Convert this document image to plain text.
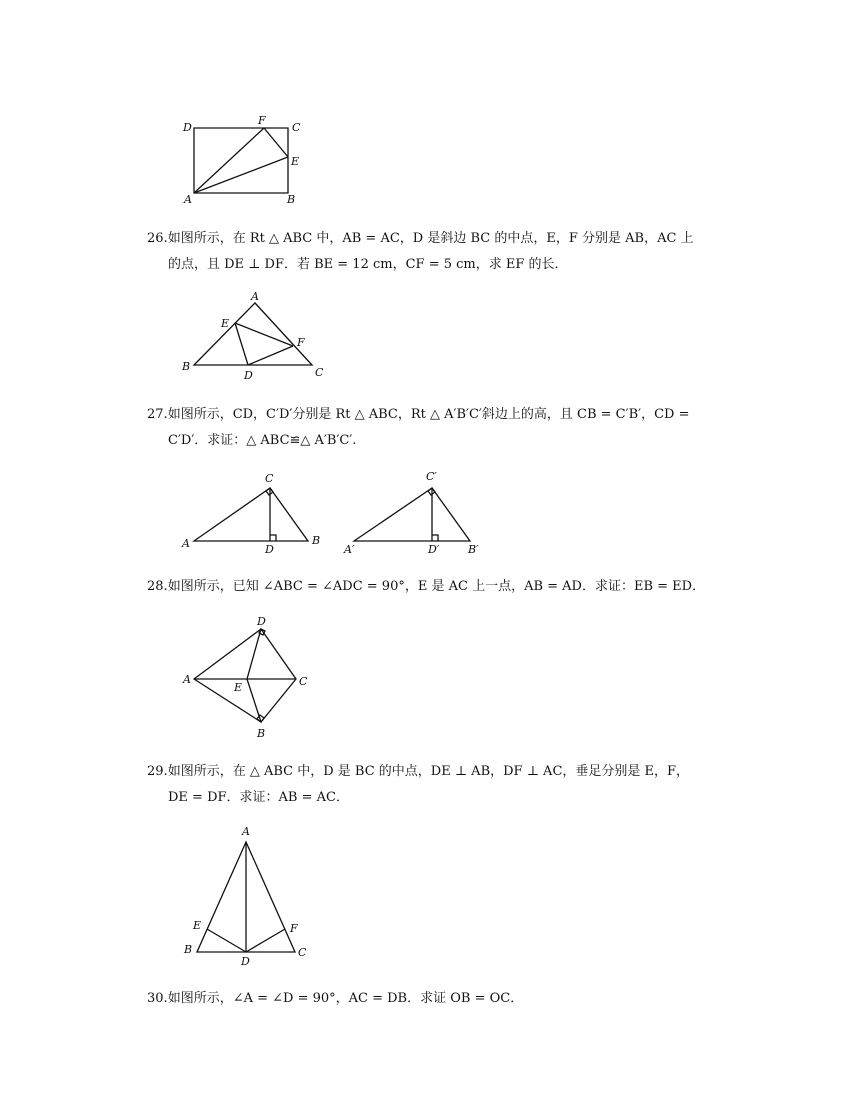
D
F
C
E
A	B
26.如图所示，在 Rt △ ABC 中，AB = AC，D 是斜边 BC 的中点，E，F 分别是 AB，AC 上
的点，且 DE ⊥ DF．若 BE = 12 cm，CF = 5 cm，求 EF 的长．
A
E
F
B
D	C
27.如图所示，CD，C′D′分别是 Rt △ ABC，Rt △ A′B′C′斜边上的高，且 CB = C′B′，CD =
C′D′．求证：△ ABC≌△ A′B′C′.
C
A	D
B
C′
A′	D′	B′
28.如图所示，已知 ∠ABC = ∠ADC = 90°，E 是 AC 上一点，AB = AD．求证：EB = ED．
D
A
E	C
B
29.如图所示，在 △ ABC 中，D 是 BC 的中点，DE ⊥ AB，DF ⊥ AC，垂足分别是 E，F，
DE = DF．求证：AB = AC．
A
E	F
B
D
C
30.如图所示，∠A = ∠D = 90°，AC = DB．求证 OB = OC．
